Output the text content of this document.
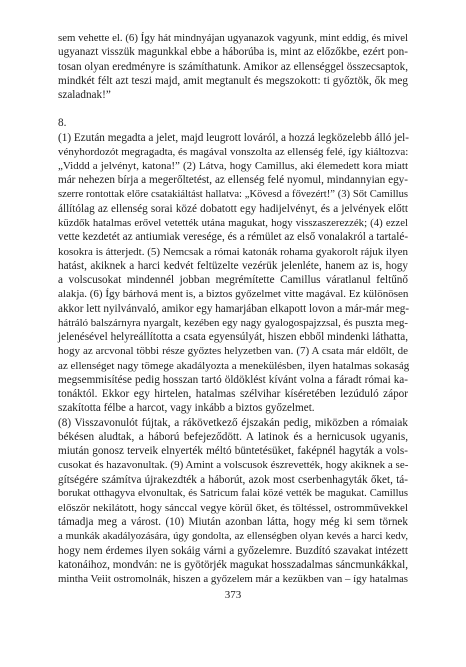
sem vehette el. (6) Így hát mindnyájan ugyanazok vagyunk, mint eddig, és mivel
ugyanazt visszük magunkkal ebbe a háborúba is, mint az előzőkbe, ezért pon-
tosan olyan eredményre is számíthatunk. Amikor az ellenséggel összecsaptok,
mindkét félt azt teszi majd, amit megtanult és megszokott: ti győztök, ők meg
szaladnak!”
8.
(1) Ezután megadta a jelet, majd leugrott lováról, a hozzá legközelebb álló jel-
vényhordozót megragadta, és magával vonszolta az ellenség felé, így kiáltozva:
„Viddd a jelvényt, katona!” (2) Látva, hogy Camillus, aki élemedett kora miatt
már nehezen bírja a megerőltetést, az ellenség felé nyomul, mindannyian egy-
szerre rontottak előre csatakiáltást hallatva: „Kövesd a fővezért!” (3) Sőt Camillus
állítólag az ellenség sorai közé dobatott egy hadijelvényt, és a jelvények előtt
küzdők hatalmas erővel vetették utána magukat, hogy visszaszerezzék; (4) ezzel
vette kezdetét az antiumiak veresége, és a rémület az első vonalakról a tartalé-
kosokra is átterjedt. (5) Nemcsak a római katonák rohama gyakorolt rájuk ilyen
hatást, akiknek a harci kedvét feltüzelte vezérük jelenléte, hanem az is, hogy
a volscusokat mindennél jobban megrémítette Camillus váratlanul feltűnő
alakja. (6) Így bárhová ment is, a biztos győzelmet vitte magával. Ez különösen
akkor lett nyilvánvaló, amikor egy hamarjában elkapott lovon a már-már meg-
hátráló balszárnyra nyargalt, kezében egy nagy gyalogospajzzsal, és puszta meg-
jelenésével helyreállította a csata egyensúlyát, hiszen ebből mindenki láthatta,
hogy az arcvonal többi része győztes helyzetben van. (7) A csata már eldőlt, de
az ellenséget nagy tömege akadályozta a menekülésben, ilyen hatalmas sokaság
megsemmisítése pedig hosszan tartó öldöklést kívánt volna a fáradt római ka-
tonáktól. Ekkor egy hirtelen, hatalmas szélvihar kíséretében lezúduló zápor
szakította félbe a harcot, vagy inkább a biztos győzelmet.
(8) Visszavonulót fújtak, a rákövetkező éjszakán pedig, miközben a rómaiak
békésen aludtak, a háború befejeződött. A latinok és a hernicusok ugyanis,
miután gonosz terveik elnyerték méltó büntetésüket, faképnél hagyták a vols-
cusokat és hazavonultak. (9) Amint a volscusok észrevették, hogy akiknek a se-
gítségére számítva újrakezdték a háborút, azok most cserbenhagyták őket, tá-
borukat otthagyva elvonultak, és Satricum falai közé vették be magukat. Camillus
először nekilátott, hogy sánccal vegye körül őket, és töltéssel, ostromművekkel
támadja meg a várost. (10) Miután azonban látta, hogy még ki sem törnek
a munkák akadályozására, úgy gondolta, az ellenségben olyan kevés a harci kedv,
hogy nem érdemes ilyen sokáig várni a győzelemre. Buzdító szavakat intézett
katonáihoz, mondván: ne is gyötörjék magukat hosszadalmas sáncmunkákkal,
mintha Veiit ostromolnák, hiszen a győzelem már a kezükben van – így hatalmas
373
